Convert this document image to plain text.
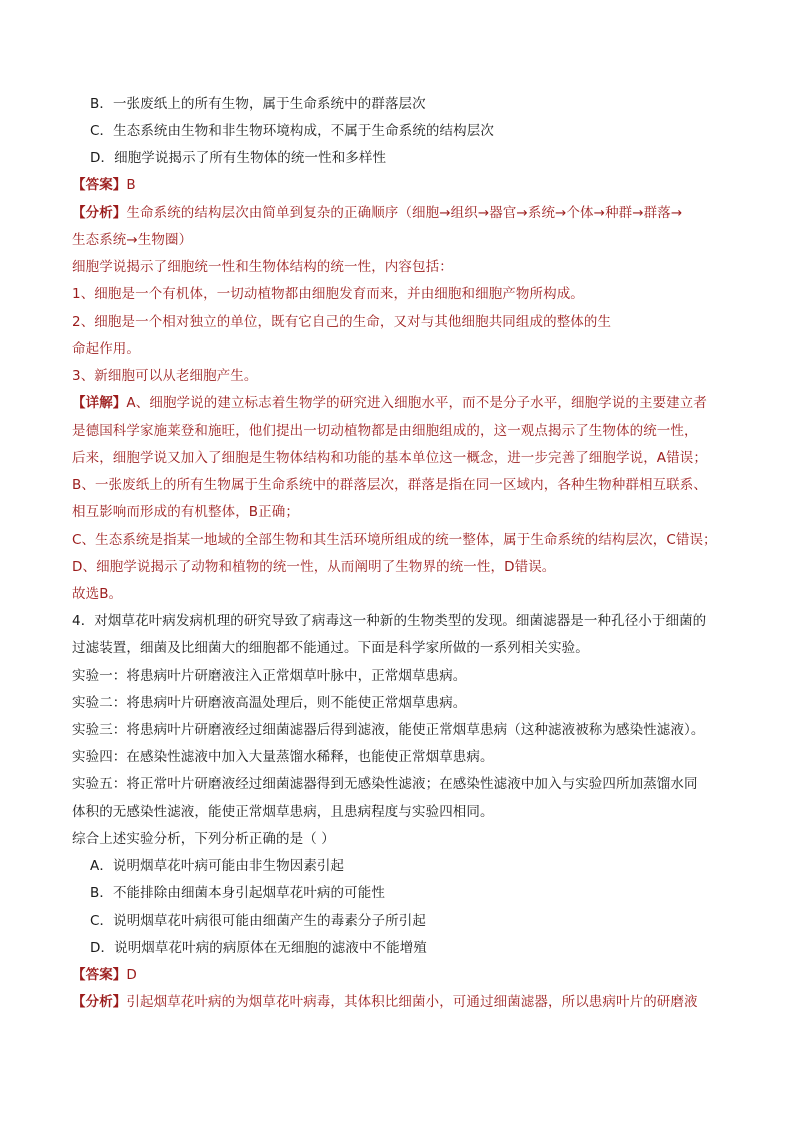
B．一张废纸上的所有生物，属于生命系统中的群落层次
C．生态系统由生物和非生物环境构成，不属于生命系统的结构层次
D．细胞学说揭示了所有生物体的统一性和多样性
【答案】B
【分析】生命系统的结构层次由简单到复杂的正确顺序（细胞→组织→器官→系统→个体→种群→群落→
生态系统→生物圈）
细胞学说揭示了细胞统一性和生物体结构的统一性，内容包括：
1、细胞是一个有机体，一切动植物都由细胞发育而来，并由细胞和细胞产物所构成。
2、细胞是一个相对独立的单位，既有它自己的生命，又对与其他细胞共同组成的整体的生
命起作用。
3、新细胞可以从老细胞产生。
【详解】A、细胞学说的建立标志着生物学的研究进入细胞水平，而不是分子水平，细胞学说的主要建立者
是德国科学家施莱登和施旺，他们提出一切动植物都是由细胞组成的，这一观点揭示了生物体的统一性，
后来，细胞学说又加入了细胞是生物体结构和功能的基本单位这一概念，进一步完善了细胞学说，A错误；
B、一张废纸上的所有生物属于生命系统中的群落层次，群落是指在同一区域内，各种生物种群相互联系、
相互影响而形成的有机整体，B正确；
C、生态系统是指某一地域的全部生物和其生活环境所组成的统一整体，属于生命系统的结构层次，C错误；
D、细胞学说揭示了动物和植物的统一性，从而阐明了生物界的统一性，D错误。
故选B。
4．对烟草花叶病发病机理的研究导致了病毒这一种新的生物类型的发现。细菌滤器是一种孔径小于细菌的
过滤装置，细菌及比细菌大的细胞都不能通过。下面是科学家所做的一系列相关实验。
实验一：将患病叶片研磨液注入正常烟草叶脉中，正常烟草患病。
实验二：将患病叶片研磨液高温处理后，则不能使正常烟草患病。
实验三：将患病叶片研磨液经过细菌滤器后得到滤液，能使正常烟草患病（这种滤液被称为感染性滤液）。
实验四：在感染性滤液中加入大量蒸馏水稀释，也能使正常烟草患病。
实验五：将正常叶片研磨液经过细菌滤器得到无感染性滤液；在感染性滤液中加入与实验四所加蒸馏水同
体积的无感染性滤液，能使正常烟草患病，且患病程度与实验四相同。
综合上述实验分析，下列分析正确的是（ ）
A．说明烟草花叶病可能由非生物因素引起
B．不能排除由细菌本身引起烟草花叶病的可能性
C．说明烟草花叶病很可能由细菌产生的毒素分子所引起
D．说明烟草花叶病的病原体在无细胞的滤液中不能增殖
【答案】D
【分析】引起烟草花叶病的为烟草花叶病毒，其体积比细菌小，可通过细菌滤器，所以患病叶片的研磨液
